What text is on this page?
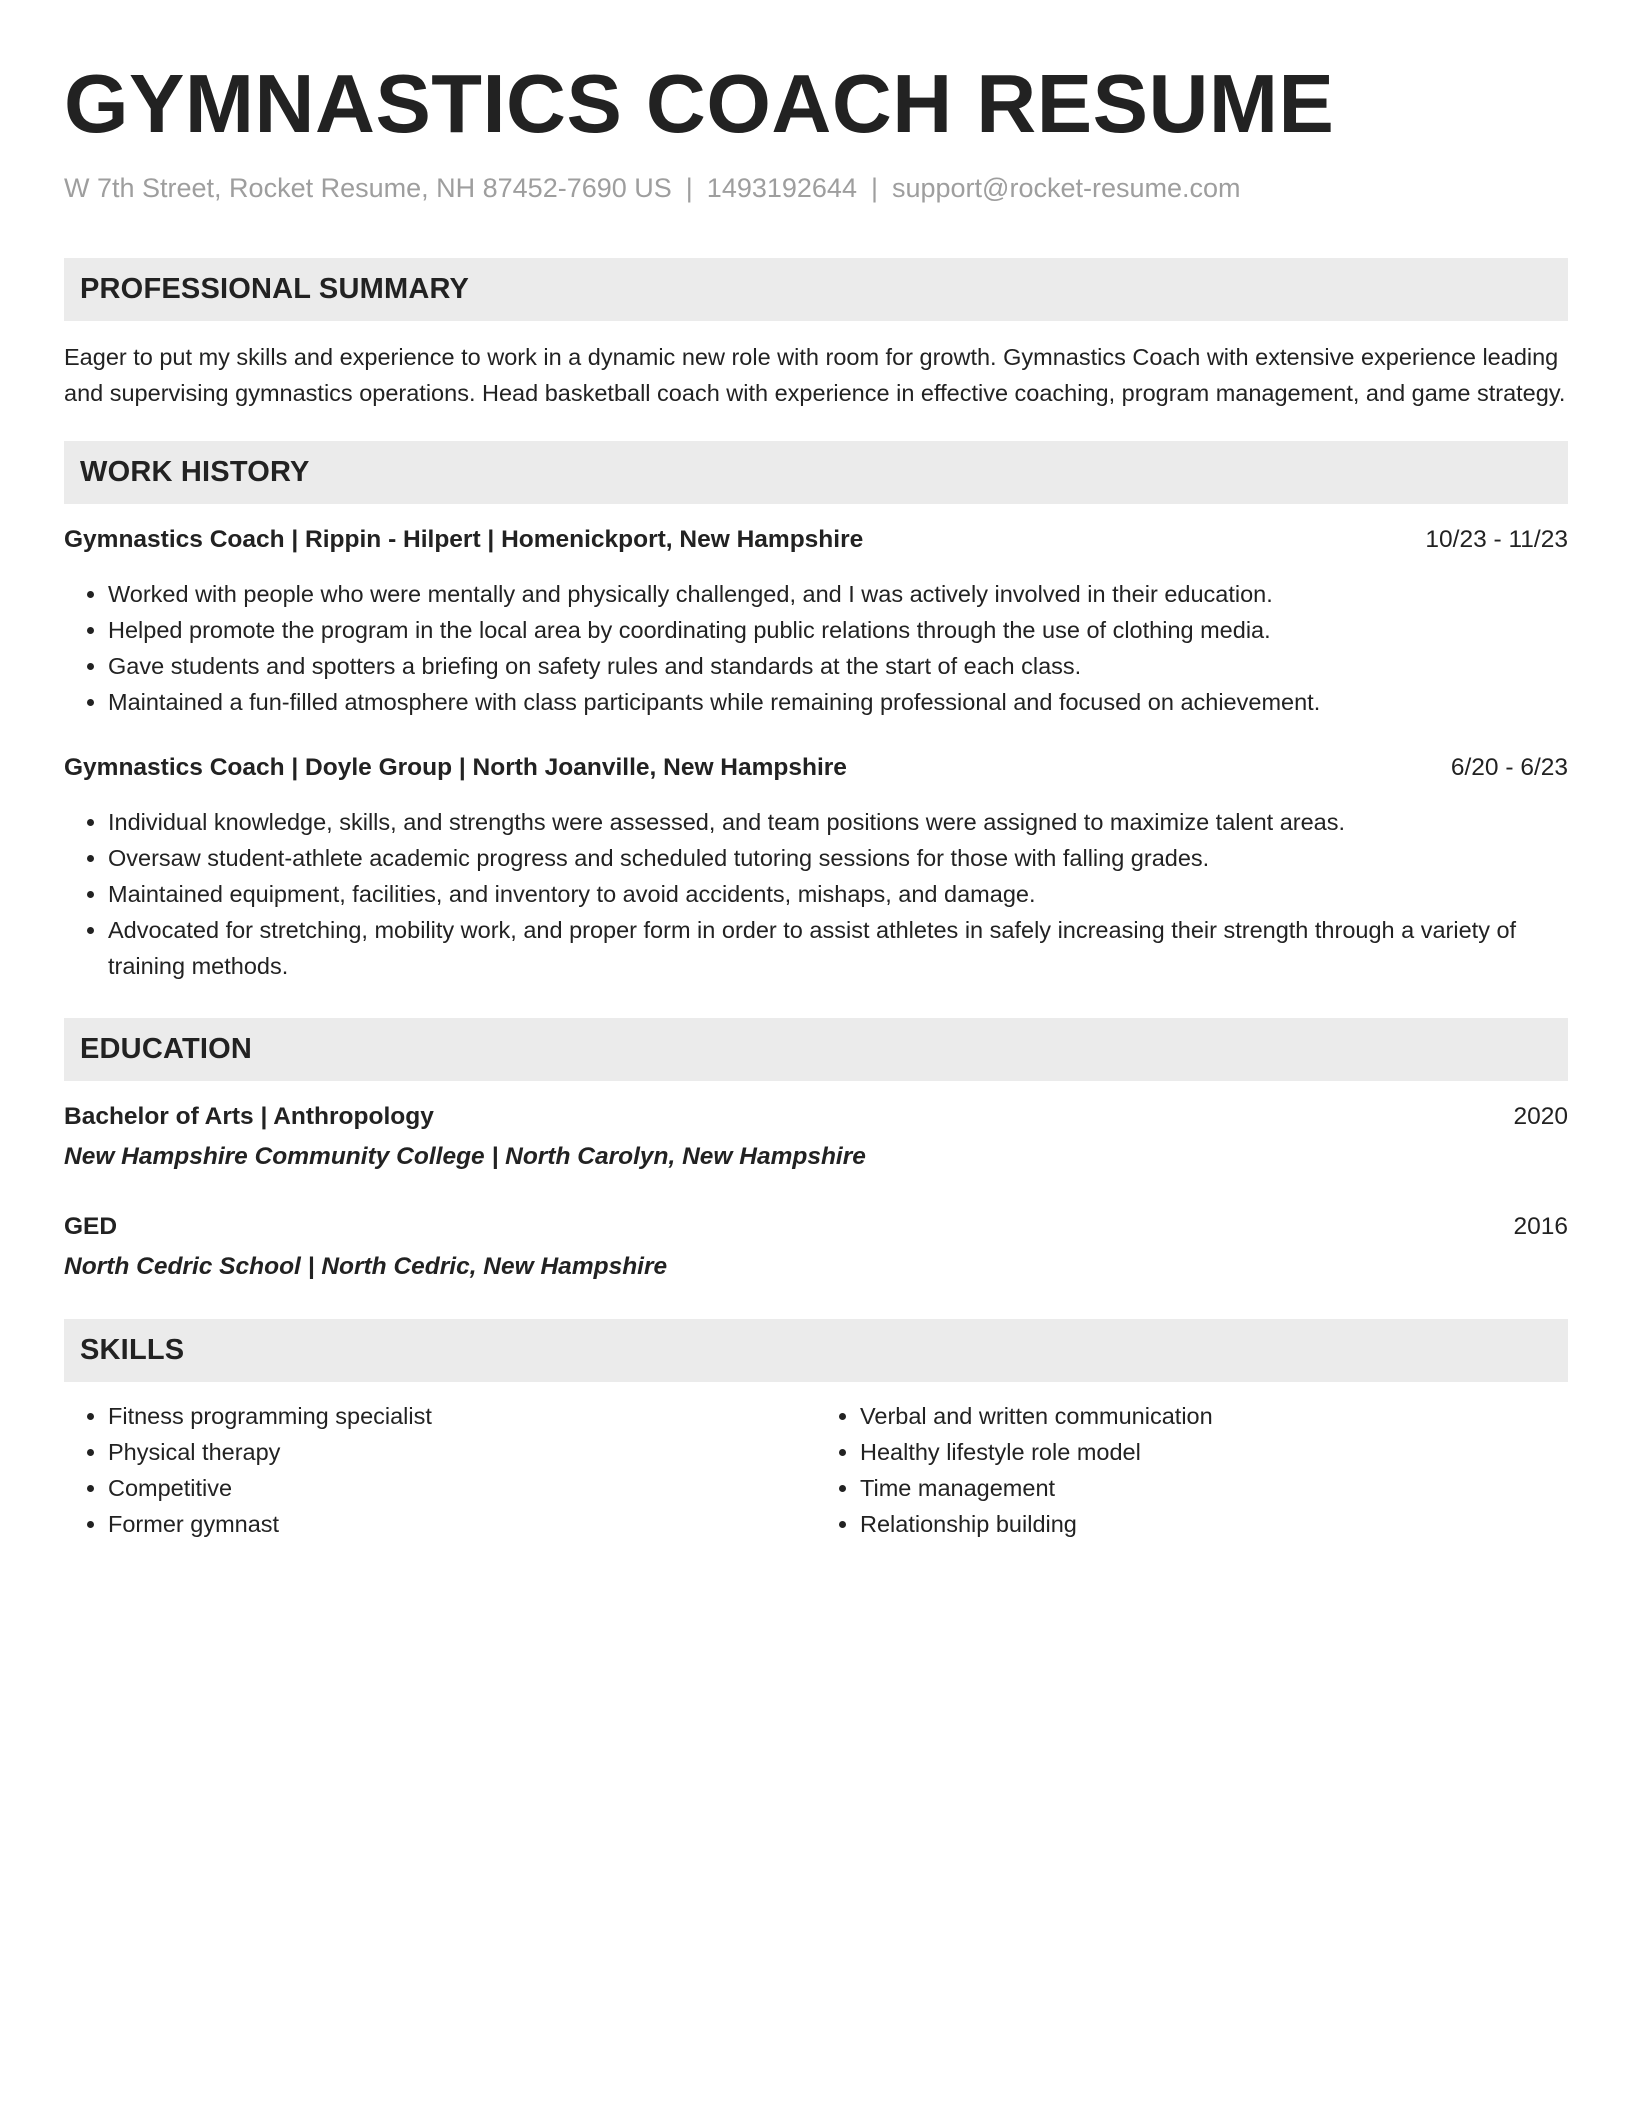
GYMNASTICS COACH RESUME
W 7th Street, Rocket Resume, NH 87452-7690 US | 1493192644 | support@rocket-resume.com
PROFESSIONAL SUMMARY
Eager to put my skills and experience to work in a dynamic new role with room for growth. Gymnastics Coach with extensive experience leading and supervising gymnastics operations. Head basketball coach with experience in effective coaching, program management, and game strategy.
WORK HISTORY
Gymnastics Coach | Rippin - Hilpert | Homenickport, New Hampshire	10/23 - 11/23
• Worked with people who were mentally and physically challenged, and I was actively involved in their education.
• Helped promote the program in the local area by coordinating public relations through the use of clothing media.
• Gave students and spotters a briefing on safety rules and standards at the start of each class.
• Maintained a fun-filled atmosphere with class participants while remaining professional and focused on achievement.
Gymnastics Coach | Doyle Group | North Joanville, New Hampshire	6/20 - 6/23
• Individual knowledge, skills, and strengths were assessed, and team positions were assigned to maximize talent areas.
• Oversaw student-athlete academic progress and scheduled tutoring sessions for those with falling grades.
• Maintained equipment, facilities, and inventory to avoid accidents, mishaps, and damage.
• Advocated for stretching, mobility work, and proper form in order to assist athletes in safely increasing their strength through a variety of training methods.
EDUCATION
Bachelor of Arts | Anthropology	2020
New Hampshire Community College | North Carolyn, New Hampshire
GED	2016
North Cedric School | North Cedric, New Hampshire
SKILLS
• Fitness programming specialist
• Physical therapy
• Competitive
• Former gymnast
• Verbal and written communication
• Healthy lifestyle role model
• Time management
• Relationship building
